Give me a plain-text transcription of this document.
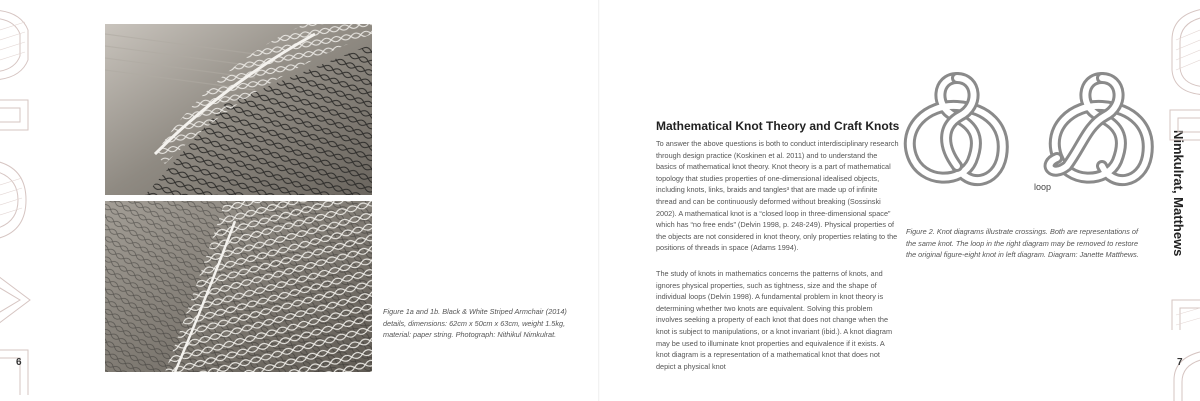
Figure 1a and 1b. Black & White Striped Armchair (2014) details, dimensions: 62cm x 50cm x 63cm, weight 1.5kg, material: paper string. Photograph: Nithikul Nimkulrat.
6
Mathematical Knot Theory and Craft Knots

To answer the above questions is both to conduct interdisciplinary research through design practice (Koskinen et al. 2011) and to understand the basics of mathematical knot theory. Knot theory is a part of mathematical topology that studies properties of one-dimensional idealised objects, including knots, links, braids and tangles³ that are made up of infinite thread and can be continuously deformed without breaking (Sossinski 2002). A mathematical knot is a “closed loop in three-dimensional space” which has “no free ends” (Delvin 1998, p. 248-249). Physical properties of the objects are not considered in knot theory, only properties relating to the positions of threads in space (Adams 1994).

The study of knots in mathematics concerns the patterns of knots, and ignores physical properties, such as tightness, size and the shape of individual loops (Delvin 1998). A fundamental problem in knot theory is determining whether two knots are equivalent. Solving this problem involves seeking a property of each knot that does not change when the knot is subject to manipulations, or a knot invariant (ibid.). A knot diagram may be used to illuminate knot properties and equivalence if it exists. A knot diagram is a representation of a mathematical knot that does not depict a physical knot

loop
Figure 2. Knot diagrams illustrate crossings. Both are representations of the same knot. The loop in the right diagram may be removed to restore the original figure-eight knot in left diagram. Diagram: Janette Matthews. Nimkulrat, Matthews
7
